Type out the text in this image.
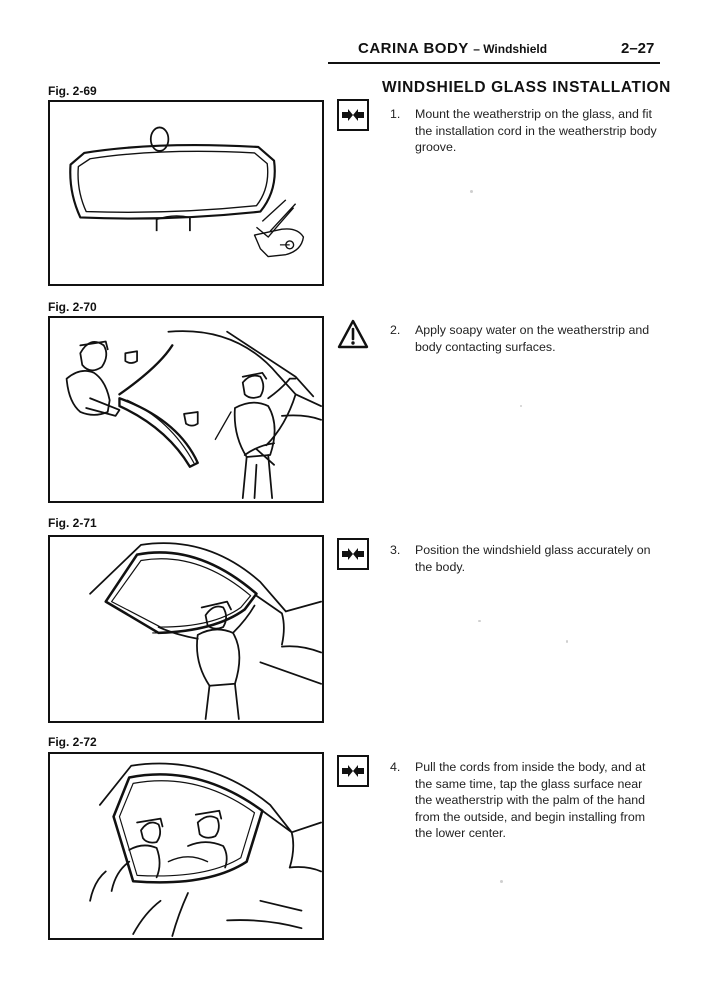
CARINA BODY – Windshield	2–27
WINDSHIELD GLASS INSTALLATION
Fig. 2-69
Fig. 2-70
Fig. 2-71
Fig. 2-72
1. Mount the weatherstrip on the glass, and fit the installation cord in the weatherstrip body groove.
2. Apply soapy water on the weatherstrip and body contacting surfaces.
3. Position the windshield glass accurately on the body.
4. Pull the cords from inside the body, and at the same time, tap the glass surface near the weatherstrip with the palm of the hand from the outside, and begin installing from the lower center.
